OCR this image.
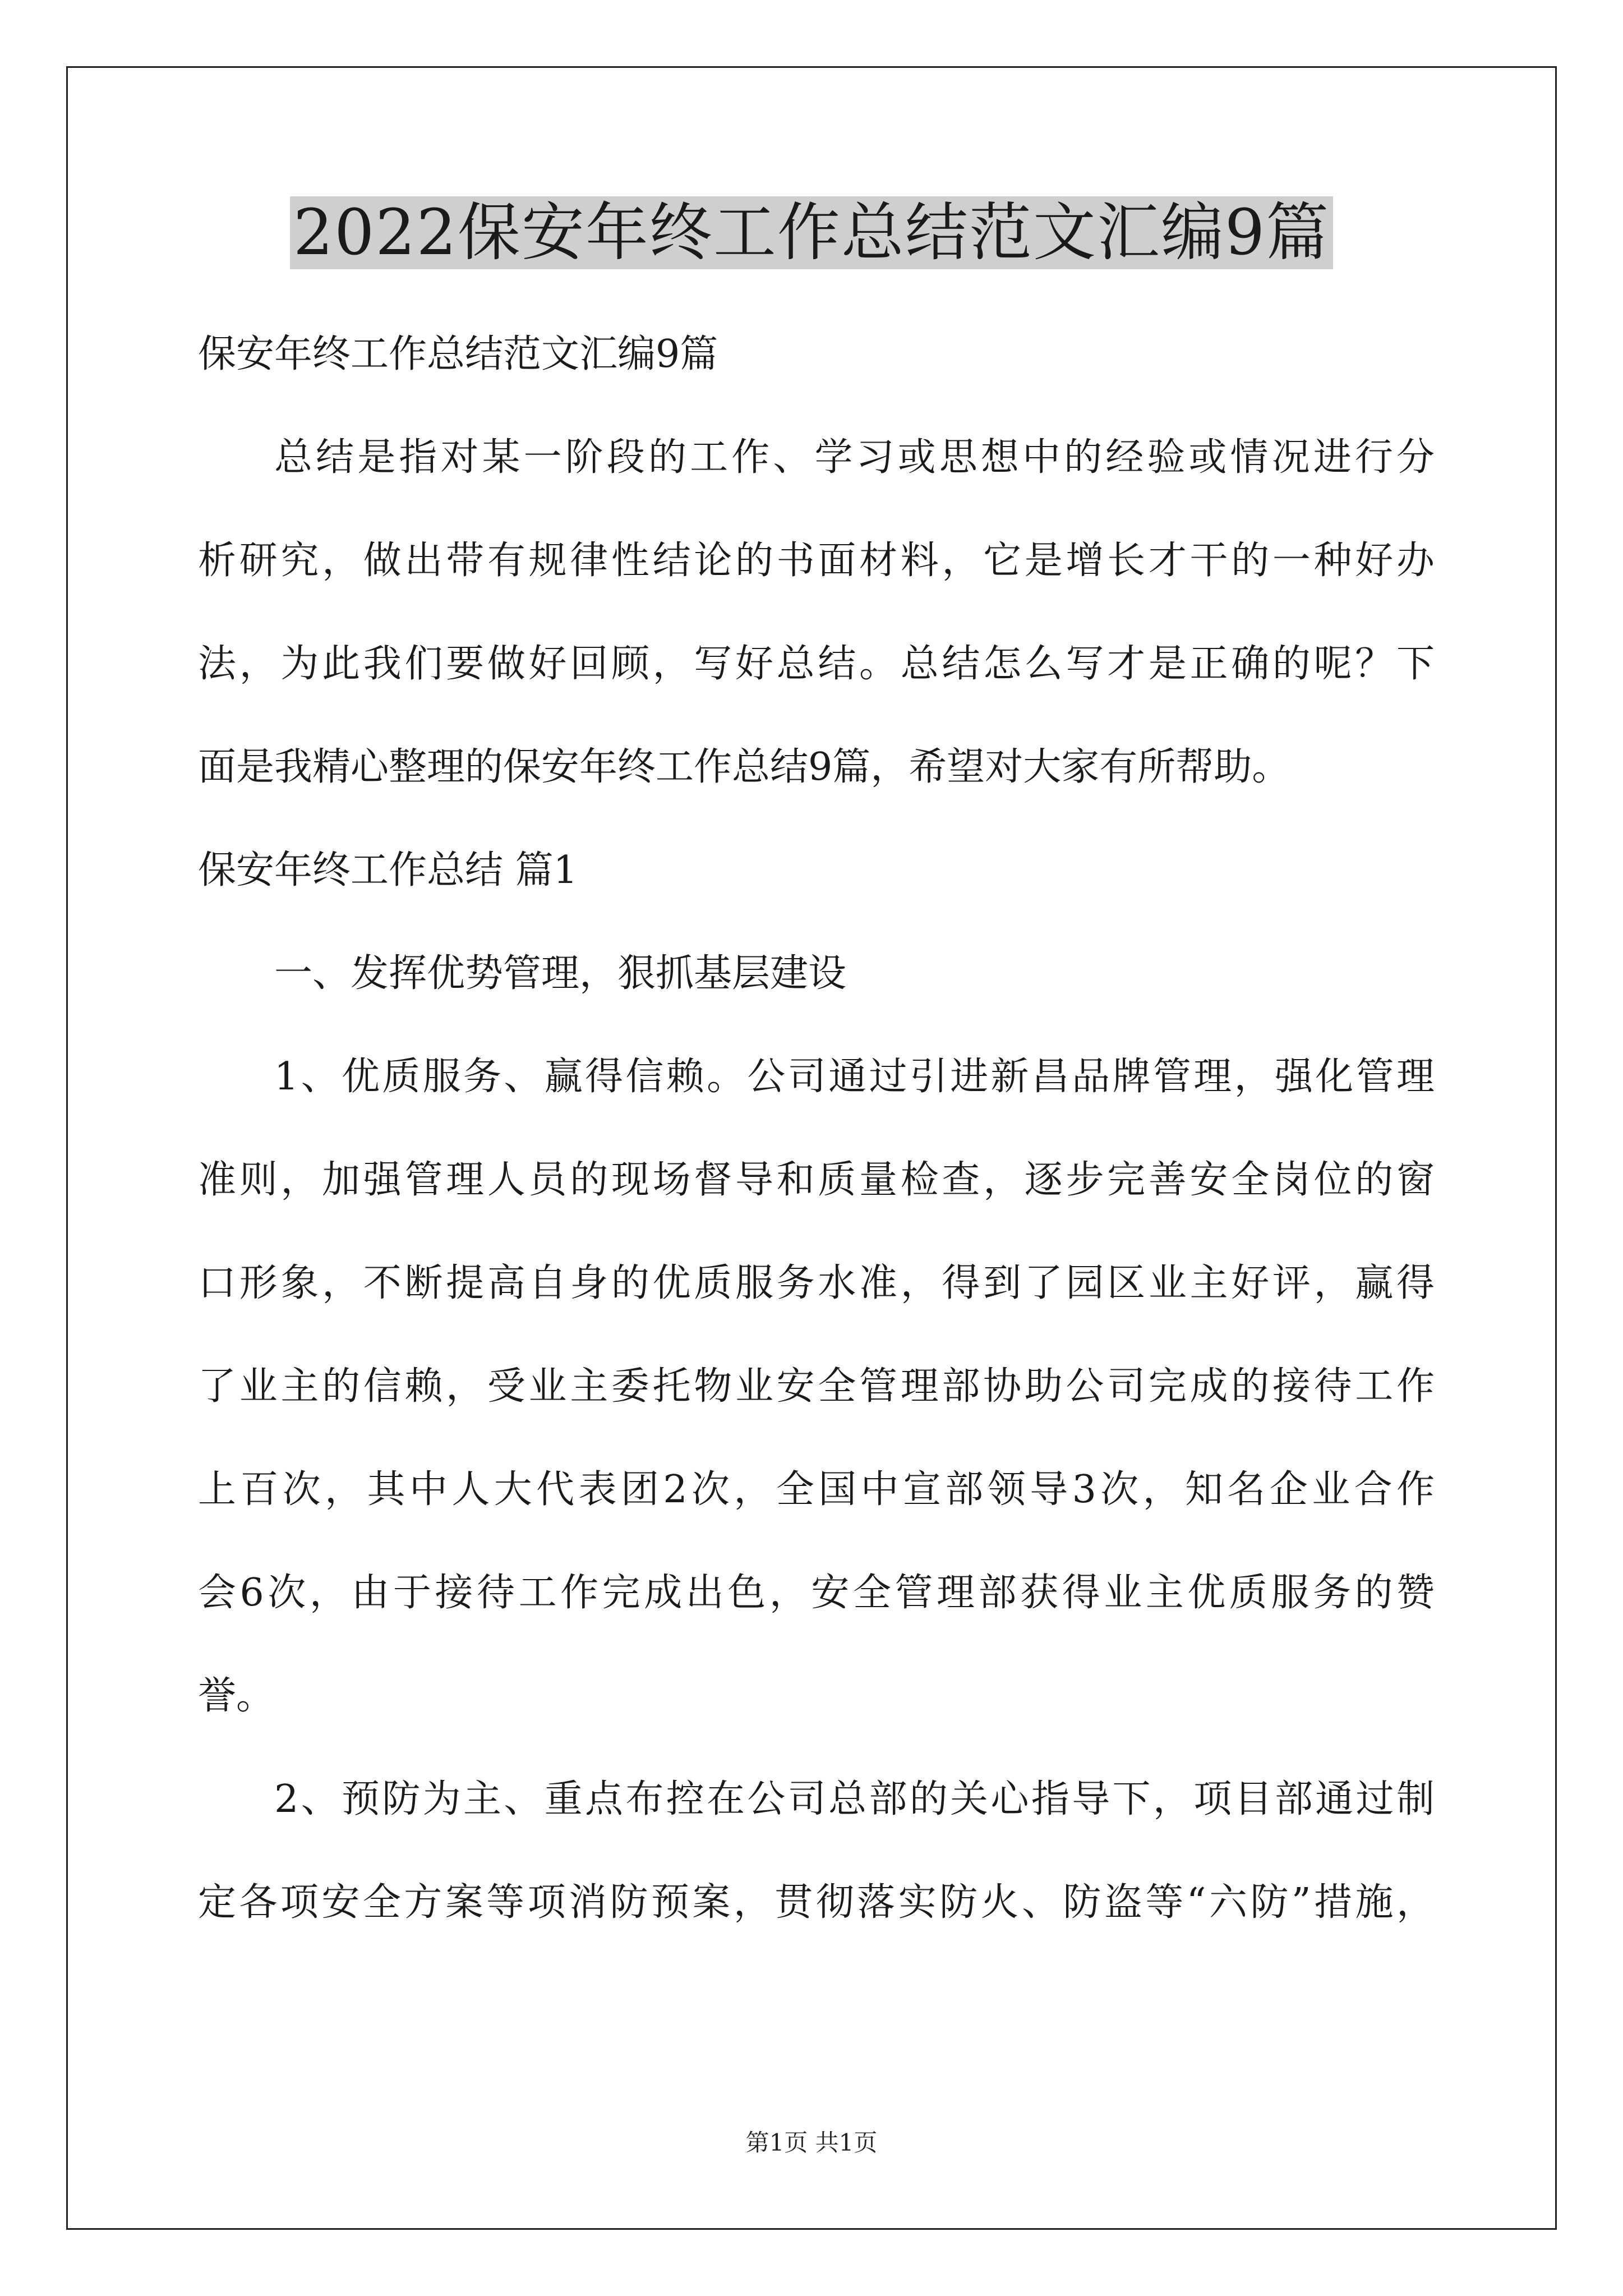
2022保安年终工作总结范文汇编9篇
保安年终工作总结范文汇编9篇
总结是指对某一阶段的工作、学习或思想中的经验或情况进行分
析研究，做出带有规律性结论的书面材料，它是增长才干的一种好办
法，为此我们要做好回顾，写好总结。总结怎么写才是正确的呢？下
面是我精心整理的保安年终工作总结9篇，希望对大家有所帮助。
保安年终工作总结 篇1
一、发挥优势管理，狠抓基层建设
1、优质服务、赢得信赖。公司通过引进新昌品牌管理，强化管理
准则，加强管理人员的现场督导和质量检查，逐步完善安全岗位的窗
口形象，不断提高自身的优质服务水准，得到了园区业主好评，赢得
了业主的信赖，受业主委托物业安全管理部协助公司完成的接待工作
上百次，其中人大代表团2次，全国中宣部领导3次，知名企业合作
会6次，由于接待工作完成出色，安全管理部获得业主优质服务的赞
誉。
2、预防为主、重点布控在公司总部的关心指导下，项目部通过制
定各项安全方案等项消防预案，贯彻落实防火、防盗等“六防”措施，
第1页 共1页
